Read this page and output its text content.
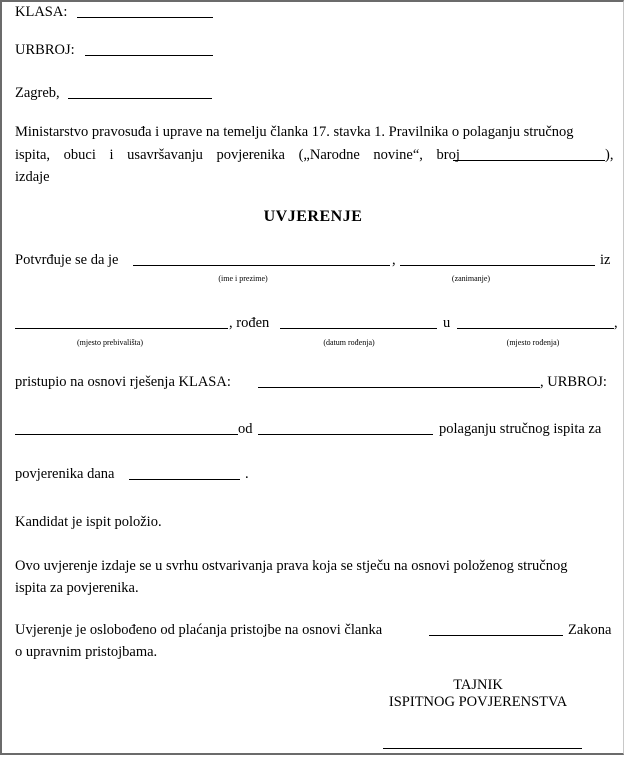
KLASA:
URBROJ:
Zagreb,
Ministarstvo pravosuđa i uprave na temelju članka 17. stavka 1. Pravilnika o polaganju stručnog
ispita, obuci i usavršavanju povjerenika („Narodne novine“, broj	),
izdaje
UVJERENJE
Potvrđuje se da je	,	iz
(ime i prezime)	(zanimanje)
, rođen	u	,
(mjesto prebivališta)	(datum rođenja)	(mjesto rođenja)
pristupio na osnovi rješenja KLASA:	, URBROJ:
od	polaganju stručnog ispita za
povjerenika dana	.
Kandidat je ispit položio.
Ovo uvjerenje izdaje se u svrhu ostvarivanja prava koja se stječu na osnovi položenog stručnog
ispita za povjerenika.
Uvjerenje je oslobođeno od plaćanja pristojbe na osnovi članka	Zakona
o upravnim pristojbama.
TAJNIK
ISPITNOG POVJERENSTVA
